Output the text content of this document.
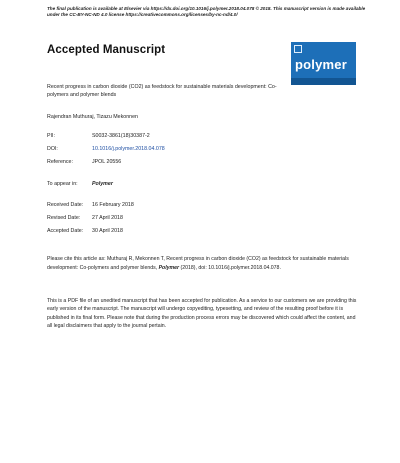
The final publication is available at Elsevier via https://dx.doi.org/10.1016/j.polymer.2018.04.078 © 2018. This manuscript version is made available under the CC-BY-NC-ND 4.0 license https://creativecommons.org/licenses/by-nc-nd/4.0/
Accepted Manuscript
polymer
Recent progress in carbon dioxide (CO2) as feedstock for sustainable materials development: Co-polymers and polymer blends
Rajendran Muthuraj, Tizazu Mekonnen
PII:	S0032-3861(18)30387-2
DOI:	10.1016/j.polymer.2018.04.078
Reference:	JPOL 20556
To appear in:	Polymer
Received Date: 16 February 2018
Revised Date: 27 April 2018
Accepted Date: 30 April 2018
Please cite this article as: Muthuraj R, Mekonnen T, Recent progress in carbon dioxide (CO2) as feedstock for sustainable materials development: Co-polymers and polymer blends, Polymer (2018), doi: 10.1016/j.polymer.2018.04.078.
This is a PDF file of an unedited manuscript that has been accepted for publication. As a service to our customers we are providing this early version of the manuscript. The manuscript will undergo copyediting, typesetting, and review of the resulting proof before it is published in its final form. Please note that during the production process errors may be discovered which could affect the content, and all legal disclaimers that apply to the journal pertain.
